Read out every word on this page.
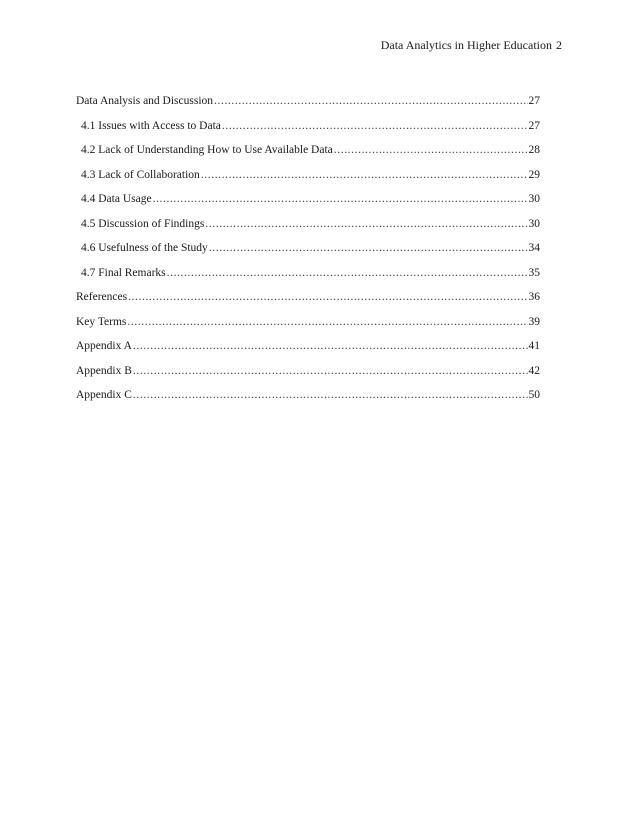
Data Analytics in Higher Education 2
Data Analysis and Discussion .....	27
4.1 Issues with Access to Data .....	27
4.2 Lack of Understanding How to Use Available Data .....	28
4.3 Lack of Collaboration .....	29
4.4 Data Usage .....	30
4.5 Discussion of Findings .....	30
4.6 Usefulness of the Study .....	34
4.7 Final Remarks .....	35
References .....	36
Key Terms .....	39
Appendix A .....	41
Appendix B .....	42
Appendix C .....	50
